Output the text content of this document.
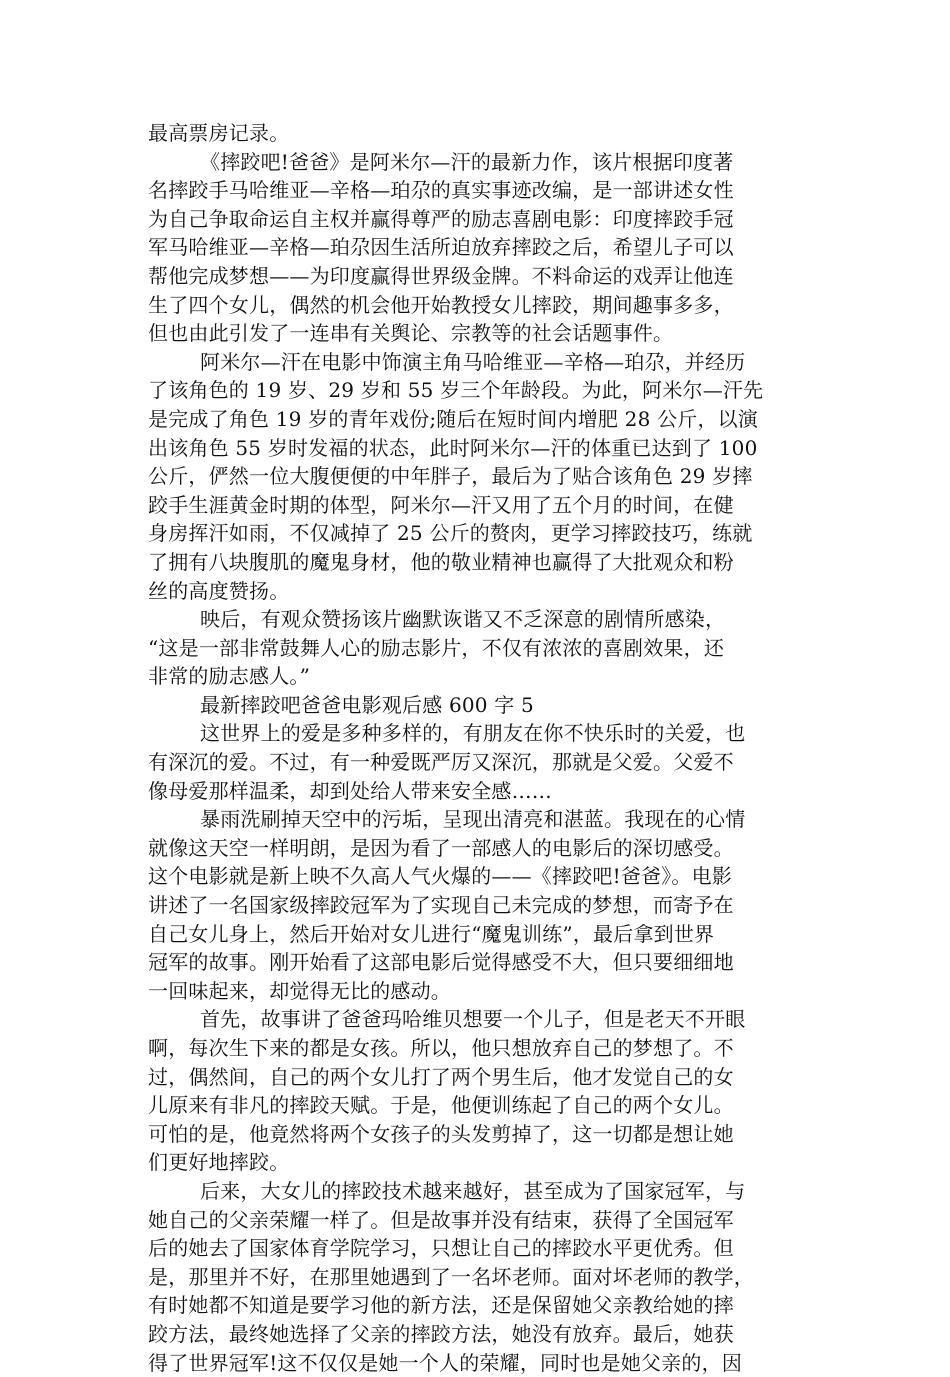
最高票房记录。
《摔跤吧!爸爸》是阿米尔—汗的最新力作，该片根据印度著
名摔跤手马哈维亚—辛格—珀尕的真实事迹改编，是一部讲述女性
为自己争取命运自主权并赢得尊严的励志喜剧电影：印度摔跤手冠
军马哈维亚—辛格—珀尕因生活所迫放弃摔跤之后，希望儿子可以
帮他完成梦想——为印度赢得世界级金牌。不料命运的戏弄让他连
生了四个女儿，偶然的机会他开始教授女儿摔跤，期间趣事多多，
但也由此引发了一连串有关舆论、宗教等的社会话题事件。
阿米尔—汗在电影中饰演主角马哈维亚—辛格—珀尕，并经历
了该角色的 19 岁、29 岁和 55 岁三个年龄段。为此，阿米尔—汗先
是完成了角色 19 岁的青年戏份;随后在短时间内增肥 28 公斤，以演
出该角色 55 岁时发福的状态，此时阿米尔—汗的体重已达到了 100
公斤，俨然一位大腹便便的中年胖子，最后为了贴合该角色 29 岁摔
跤手生涯黄金时期的体型，阿米尔—汗又用了五个月的时间，在健
身房挥汗如雨，不仅减掉了 25 公斤的赘肉，更学习摔跤技巧，练就
了拥有八块腹肌的魔鬼身材，他的敬业精神也赢得了大批观众和粉
丝的高度赞扬。
映后，有观众赞扬该片幽默诙谐又不乏深意的剧情所感染，
“这是一部非常鼓舞人心的励志影片，不仅有浓浓的喜剧效果，还
非常的励志感人。”
最新摔跤吧爸爸电影观后感 600 字 5
这世界上的爱是多种多样的，有朋友在你不快乐时的关爱，也
有深沉的爱。不过，有一种爱既严厉又深沉，那就是父爱。父爱不
像母爱那样温柔，却到处给人带来安全感……
暴雨洗刷掉天空中的污垢，呈现出清亮和湛蓝。我现在的心情
就像这天空一样明朗，是因为看了一部感人的电影后的深切感受。
这个电影就是新上映不久高人气火爆的——《摔跤吧!爸爸》。电影
讲述了一名国家级摔跤冠军为了实现自己未完成的梦想，而寄予在
自己女儿身上，然后开始对女儿进行“魔鬼训练”，最后拿到世界
冠军的故事。刚开始看了这部电影后觉得感受不大，但只要细细地
一回味起来，却觉得无比的感动。
首先，故事讲了爸爸玛哈维贝想要一个儿子，但是老天不开眼
啊，每次生下来的都是女孩。所以，他只想放弃自己的梦想了。不
过，偶然间，自己的两个女儿打了两个男生后，他才发觉自己的女
儿原来有非凡的摔跤天赋。于是，他便训练起了自己的两个女儿。
可怕的是，他竟然将两个女孩子的头发剪掉了，这一切都是想让她
们更好地摔跤。
后来，大女儿的摔跤技术越来越好，甚至成为了国家冠军，与
她自己的父亲荣耀一样了。但是故事并没有结束，获得了全国冠军
后的她去了国家体育学院学习，只想让自己的摔跤水平更优秀。但
是，那里并不好，在那里她遇到了一名坏老师。面对坏老师的教学，
有时她都不知道是要学习他的新方法，还是保留她父亲教给她的摔
跤方法，最终她选择了父亲的摔跤方法，她没有放弃。最后，她获
得了世界冠军!这不仅仅是她一个人的荣耀，同时也是她父亲的，因
